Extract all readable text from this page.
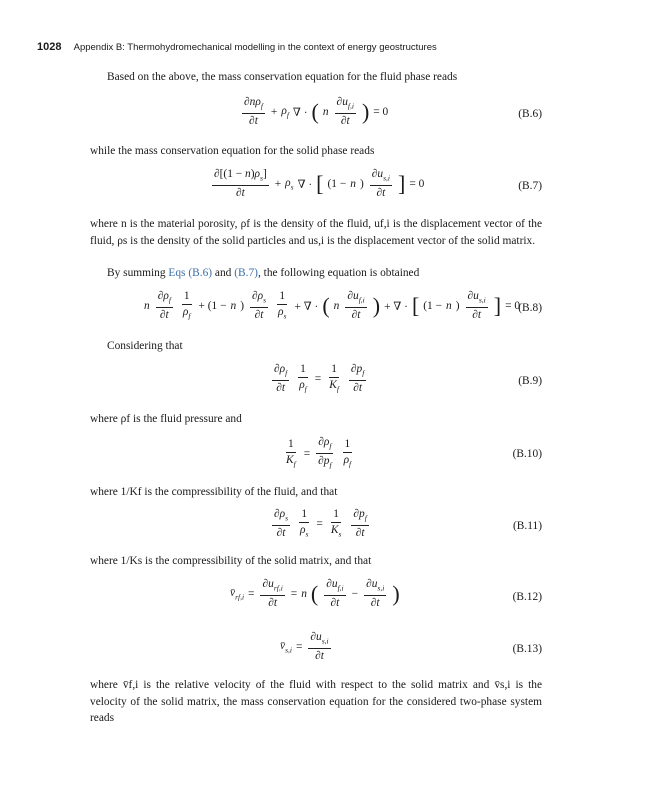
1028 Appendix B: Thermohydromechanical modelling in the context of energy geostructures
Based on the above, the mass conservation equation for the fluid phase reads
$\frac{\partial n\rho_f}{\partial t} + \rho_f$ ∇ · ( n $\frac{\partial u_{f,i}}{\partial t}$ ) = 0	(B.6)
while the mass conservation equation for the solid phase reads
$\frac{\partial[(1 - n)\rho_s]}{\partial t} + \rho_s$ ∇ · [ (1 − n ) $\frac{\partial u_{s,i}}{\partial t}$ ] = 0	(B.7)
where n is the material porosity, ρf is the density of the fluid, uf,i is the displacement vector of the fluid, ρs is the density of the solid particles and us,i is the displacement vector of the solid matrix.
By summing Eqs (B.6) and (B.7), the following equation is obtained
n $\frac{\partial\rho_f}{\partial t} \frac{1}{\rho_f} + (1 - n$ ) $\frac{\partial\rho_s}{\partial t} \frac{1}{\rho_s}$ + ∇ · ( n $\frac{\partial u_{f,i}}{\partial t}$ ) + ∇ · [ (1 − n ) $\frac{\partial u_{s,i}}{\partial t}$ ] = 0
(B.8)
Considering that
$\frac{\partial\rho_f}{\partial t} \frac{1}{\rho_f} = \frac{1}{K_f} \frac{\partial p_f}{\partial t}$	(B.9)
where ρf is the fluid pressure and
$\frac{1}{K_f} = \frac{\partial\rho_f}{\partial p_f} \frac{1}{\rho_f}$	(B.10)
where 1/Kf is the compressibility of the fluid, and that
$\frac{\partial\rho_s}{\partial t} \frac{1}{\rho_s} = \frac{1}{K_s} \frac{\partial p_f}{\partial t}$	(B.11)
where 1/Ks is the compressibility of the solid matrix, and that
$v̄_{rf,i} = \frac{\partial u_{rf,i}}{\partial t} = n$ ( $\frac{\partial u_{f,i}}{\partial t} - \frac{\partial u_{s,i}}{\partial t}$ )	(B.12)
$v̄_{s,i} = \frac{\partial u_{s,i}}{\partial t}$	(B.13)
where v̄f,i is the relative velocity of the fluid with respect to the solid matrix and v̄s,i is the velocity of the solid matrix, the mass conservation equation for the considered two-phase system reads
